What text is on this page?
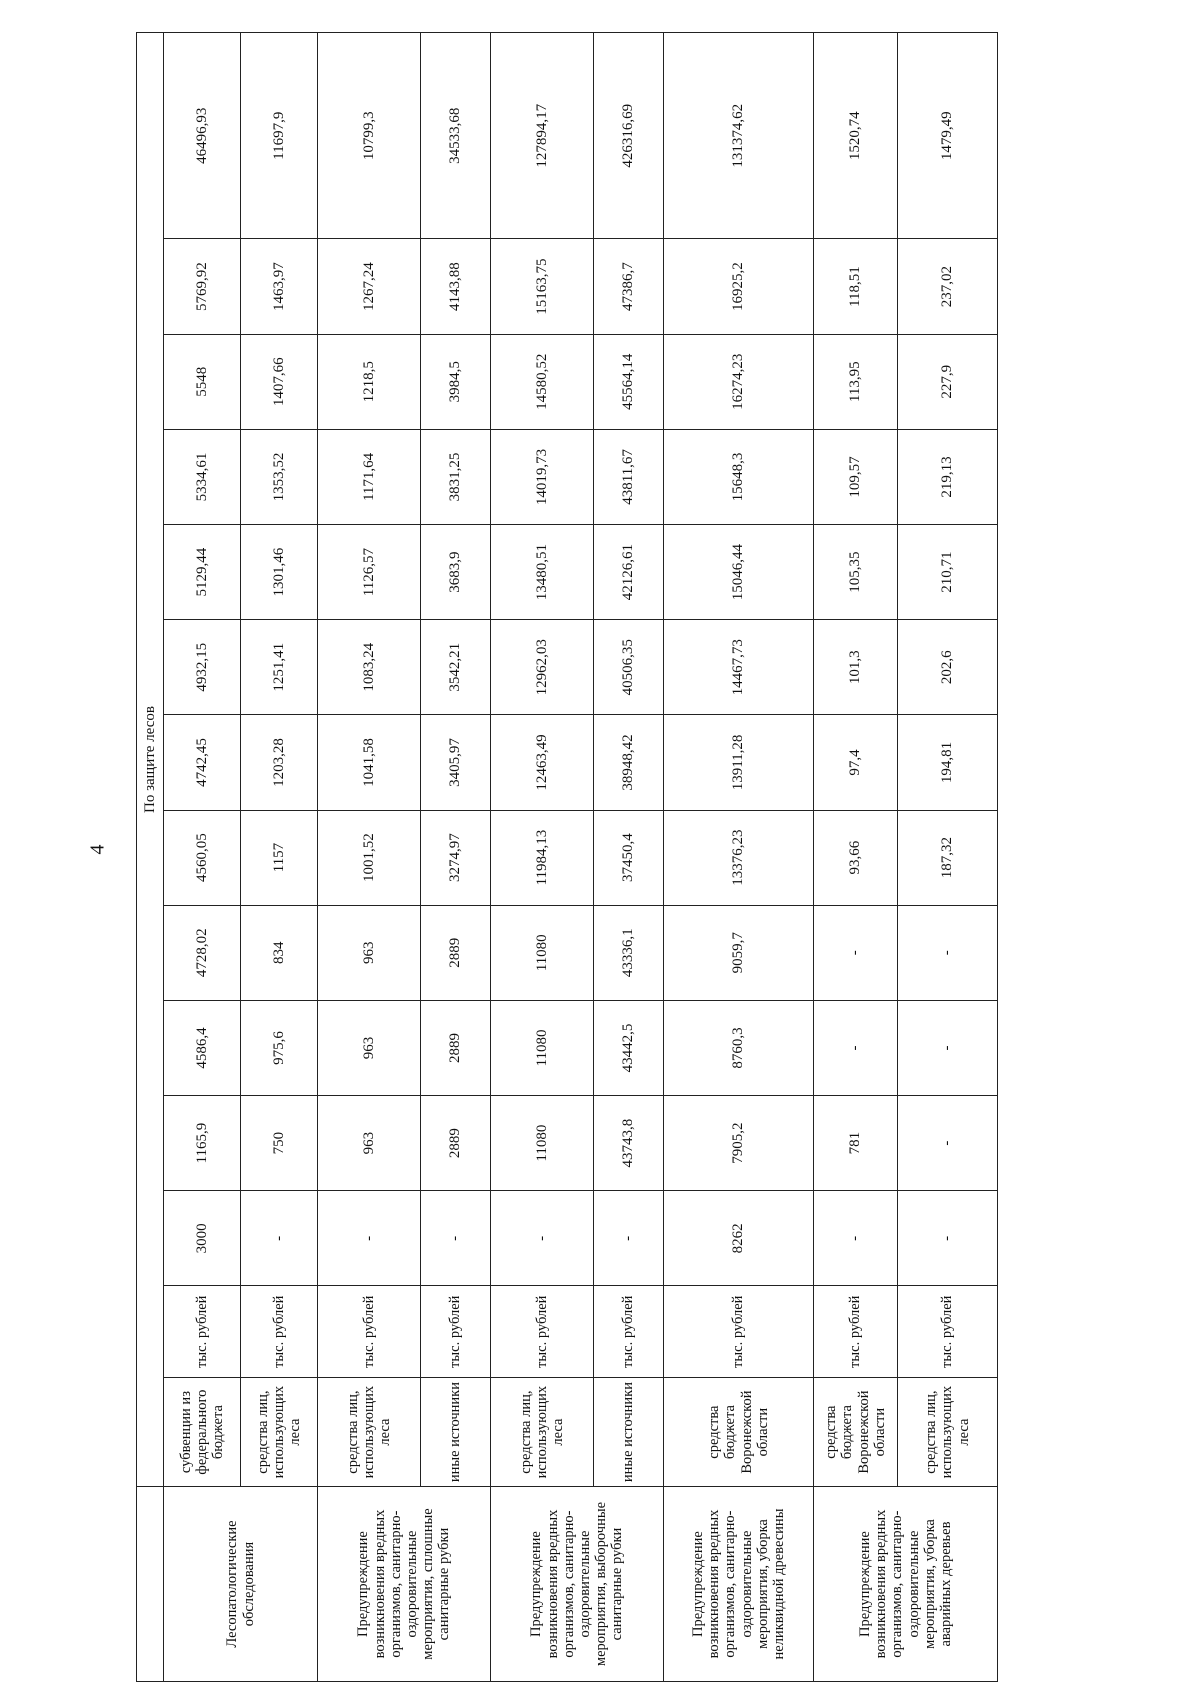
4
	По защите лесов													
Лесопатологические обследования	субвенции из федерального бюджета	тыс. рублей	3000	1165,9	4586,4	4728,02	4560,05	4742,45	4932,15	5129,44	5334,61	5548	5769,92	46496,93
	средства лиц, использующих леса	тыс. рублей	-	750	975,6	834	1157	1203,28	1251,41	1301,46	1353,52	1407,66	1463,97	11697,9
Предупреждение возникновения вредных организмов, санитарно-оздоровительные мероприятия, сплошные санитарные рубки	средства лиц, использующих леса	тыс. рублей	-	963	963	963	1001,52	1041,58	1083,24	1126,57	1171,64	1218,5	1267,24	10799,3
	иные источники	тыс. рублей	-	2889	2889	2889	3274,97	3405,97	3542,21	3683,9	3831,25	3984,5	4143,88	34533,68
Предупреждение возникновения вредных организмов, санитарно-оздоровительные мероприятия, выборочные санитарные рубки	средства лиц, использующих леса	тыс. рублей	-	11080	11080	11080	11984,13	12463,49	12962,03	13480,51	14019,73	14580,52	15163,75	127894,17
	иные источники	тыс. рублей	-	43743,8	43442,5	43336,1	37450,4	38948,42	40506,35	42126,61	43811,67	45564,14	47386,7	426316,69
Предупреждение возникновения вредных организмов, санитарно-оздоровительные мероприятия, уборка неликвидной древесины	средства бюджета Воронежской области	тыс. рублей	8262	7905,2	8760,3	9059,7	13376,23	13911,28	14467,73	15046,44	15648,3	16274,23	16925,2	131374,62
Предупреждение возникновения вредных организмов, санитарно-оздоровительные мероприятия, уборка аварийных деревьев	средства бюджета Воронежской области	тыс. рублей	-	781	-	-	93,66	97,4	101,3	105,35	109,57	113,95	118,51	1520,74
	средства лиц, использующих леса	тыс. рублей	-	-	-	-	187,32	194,81	202,6	210,71	219,13	227,9	237,02	1479,49
